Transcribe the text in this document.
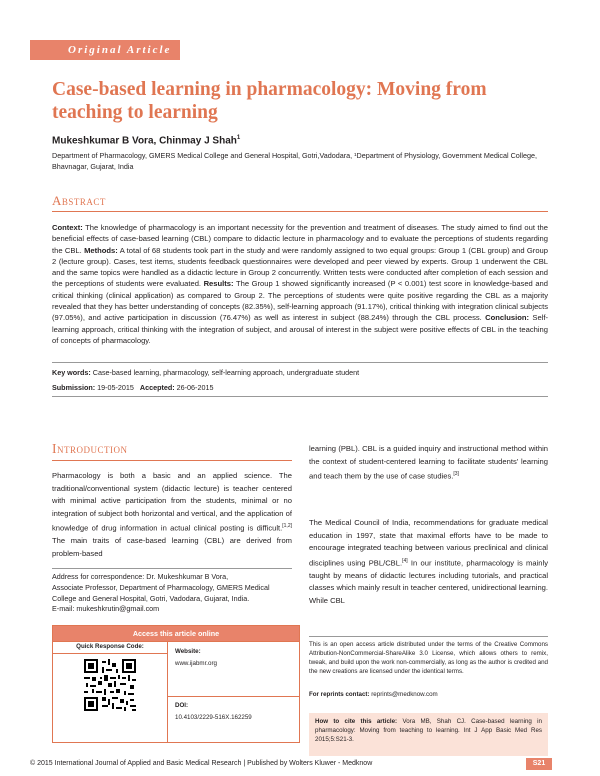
Original Article
Case-based learning in pharmacology: Moving from teaching to learning
Mukeshkumar B Vora, Chinmay J Shah$^1$
Department of Pharmacology, GMERS Medical College and General Hospital, Gotri,Vadodara, ¹Department of Physiology, Government Medical College, Bhavnagar, Gujarat, India
Abstract
Context: The knowledge of pharmacology is an important necessity for the prevention and treatment of diseases. The study aimed to find out the beneficial effects of case-based learning (CBL) compare to didactic lecture in pharmacology and to evaluate the perceptions of students regarding the CBL. Methods: A total of 68 students took part in the study and were randomly assigned to two equal groups: Group 1 (CBL group) and Group 2 (lecture group). Cases, test items, students feedback questionnaires were developed and peer viewed by experts. Group 1 underwent the CBL and the same topics were handled as a didactic lecture in Group 2 concurrently. Written tests were conducted after completion of each session and the perceptions of students were evaluated. Results: The Group 1 showed significantly increased (P < 0.001) test score in knowledge-based and critical thinking (clinical application) as compared to Group 2. The perceptions of students were quite positive regarding the CBL as a majority revealed that they has better understanding of concepts (82.35%), self-learning approach (91.17%), critical thinking with integration clinical subjects (97.05%), and active participation in discussion (76.47%) as well as interest in subject (88.24%) through the CBL process. Conclusion: Self-learning approach, critical thinking with the integration of subject, and arousal of interest in the subject were positive effects of CBL in the teaching of concepts of pharmacology.
Key words: Case-based learning, pharmacology, self-learning approach, undergraduate student
Submission: 19-05-2015 Accepted: 26-06-2015
Introduction
Pharmacology is both a basic and an applied science. The traditional/conventional system (didactic lecture) is teacher centered with minimal active participation from the students, minimal or no integration of subject both horizontal and vertical, and the application of knowledge of drug information in actual clinical posting is difficult.[1,2] The main traits of case-based learning (CBL) are derived from problem-based
learning (PBL). CBL is a guided inquiry and instructional method within the context of student-centered learning to facilitate students' learning and teach them by the use of case studies.[3]
The Medical Council of India, recommendations for graduate medical education in 1997, state that maximal efforts have to be made to encourage integrated teaching between various preclinical and clinical disciplines using PBL/CBL.[4] In our institute, pharmacology is mainly taught by means of didactic lectures including tutorials, and practical classes which mainly result in teacher centered, unidirectional learning. While CBL
Address for correspondence: Dr. Mukeshkumar B Vora,
Associate Professor, Department of Pharmacology, GMERS Medical
College and General Hospital, Gotri, Vadodara, Gujarat, India.
E-mail: mukeshkrutin@gmail.com
Access this article online
Quick Response Code:
Website:
www.ijabmr.org
DOI:
10.4103/2229-516X.162259
This is an open access article distributed under the terms of the Creative Commons Attribution-NonCommercial-ShareAlike 3.0 License, which allows others to remix, tweak, and build upon the work non-commercially, as long as the author is credited and the new creations are licensed under the identical terms.
For reprints contact: reprints@medknow.com
How to cite this article: Vora MB, Shah CJ. Case-based learning in pharmacology: Moving from teaching to learning. Int J App Basic Med Res 2015;5:S21-3.
© 2015 International Journal of Applied and Basic Medical Research | Published by Wolters Kluwer - Medknow	S21
